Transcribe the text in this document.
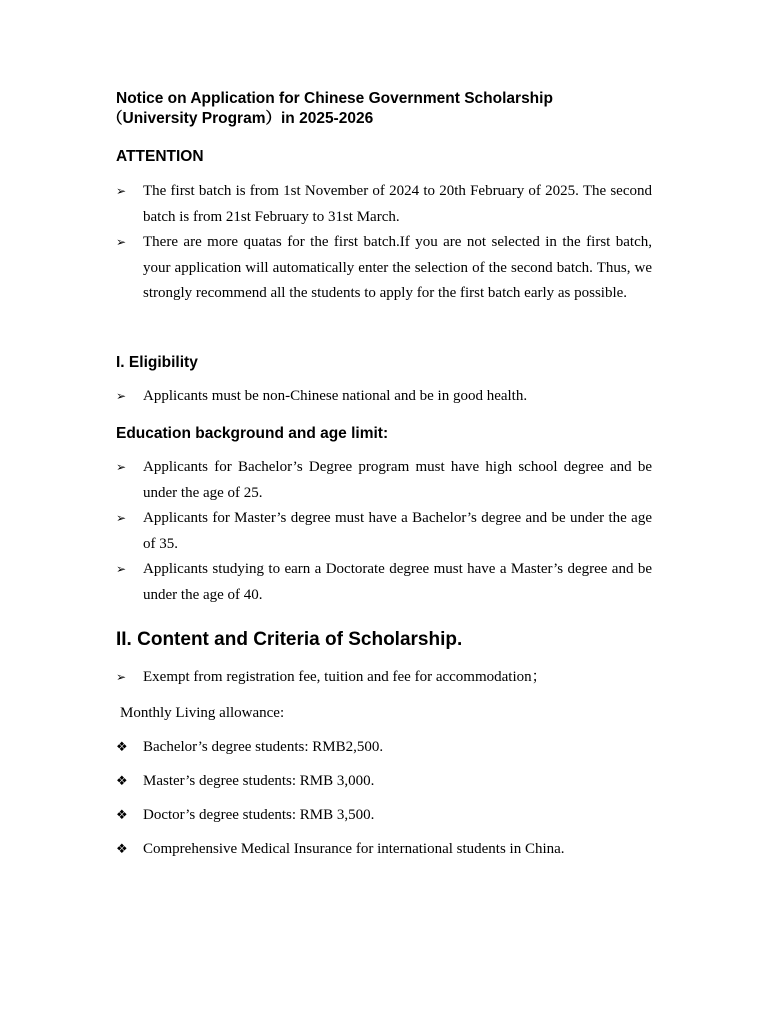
Notice on Application for Chinese Government Scholarship
（University Program）in 2025-2026
ATTENTION
➢ The first batch is from 1st November of 2024 to 20th February of 2025. The second batch is from 21st February to 31st March.
➢ There are more quatas for the first batch.If you are not selected in the first batch, your application will automatically enter the selection of the second batch. Thus, we strongly recommend all the students to apply for the first batch early as possible.
I. Eligibility
➢ Applicants must be non-Chinese national and be in good health.
Education background and age limit:
➢ Applicants for Bachelor’s Degree program must have high school degree and be under the age of 25.
➢ Applicants for Master’s degree must have a Bachelor’s degree and be under the age of 35.
➢ Applicants studying to earn a Doctorate degree must have a Master’s degree and be under the age of 40.
II. Content and Criteria of Scholarship.
➢ Exempt from registration fee, tuition and fee for accommodation；

Monthly Living allowance:

❖ Bachelor’s degree students: RMB2,500.
❖ Master’s degree students: RMB 3,000.
❖ Doctor’s degree students: RMB 3,500.
❖ Comprehensive Medical Insurance for international students in China.
